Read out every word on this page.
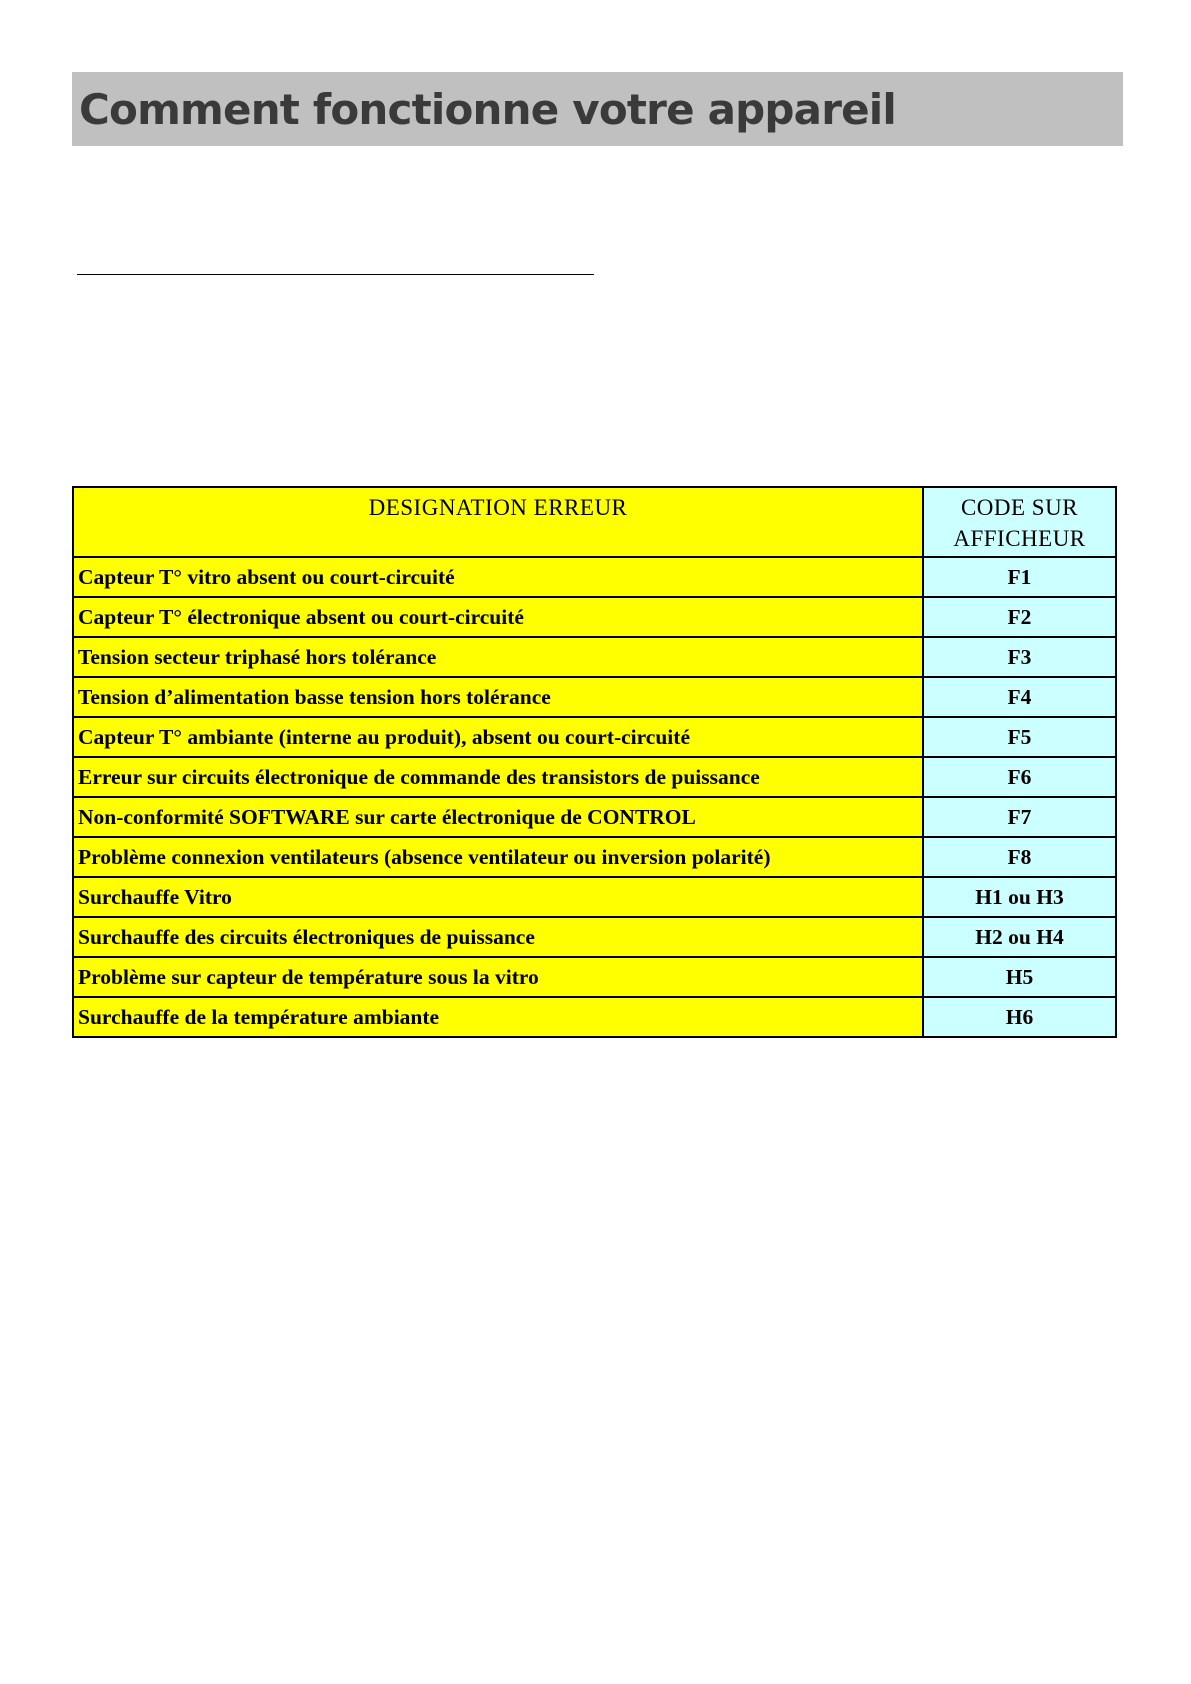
Comment fonctionne votre appareil
DESIGNATION ERREUR	CODE SUR
AFFICHEUR

Capteur T° vitro absent ou court-circuité	F1
Capteur T° électronique absent ou court-circuité	F2
Tension secteur triphasé hors tolérance	F3
Tension d’alimentation basse tension hors tolérance	F4
Capteur T° ambiante (interne au produit), absent ou court-circuité	F5
Erreur sur circuits électronique de commande des transistors de puissance	F6
Non-conformité SOFTWARE sur carte électronique de CONTROL	F7
Problème connexion ventilateurs (absence ventilateur ou inversion polarité)	F8
Surchauffe Vitro	H1 ou H3
Surchauffe des circuits électroniques de puissance	H2 ou H4
Problème sur capteur de température sous la vitro	H5
Surchauffe de la température ambiante	H6
